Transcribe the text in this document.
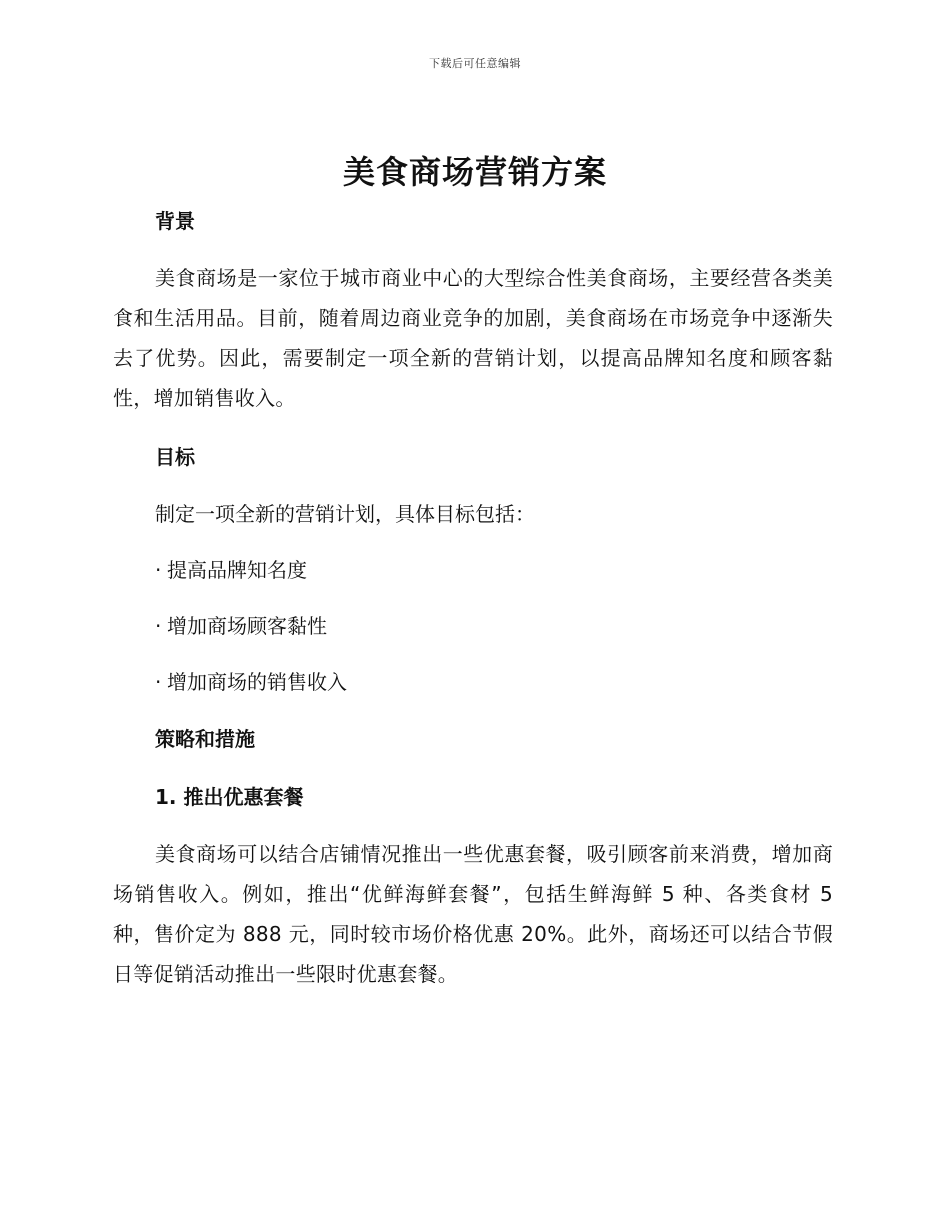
下载后可任意编辑
美食商场营销方案
背景

美食商场是一家位于城市商业中心的大型综合性美食商场，主要经营各类美食和生活用品。目前，随着周边商业竞争的加剧，美食商场在市场竞争中逐渐失去了优势。因此，需要制定一项全新的营销计划，以提高品牌知名度和顾客黏性，增加销售收入。

目标

制定一项全新的营销计划，具体目标包括：

· 提高品牌知名度

· 增加商场顾客黏性

· 增加商场的销售收入

策略和措施
1. 推出优惠套餐

美食商场可以结合店铺情况推出一些优惠套餐，吸引顾客前来消费，增加商场销售收入。例如，推出“优鲜海鲜套餐”，包括生鲜海鲜 5 种、各类食材 5 种，售价定为 888 元，同时较市场价格优惠 20%。此外，商场还可以结合节假日等促销活动推出一些限时优惠套餐。
